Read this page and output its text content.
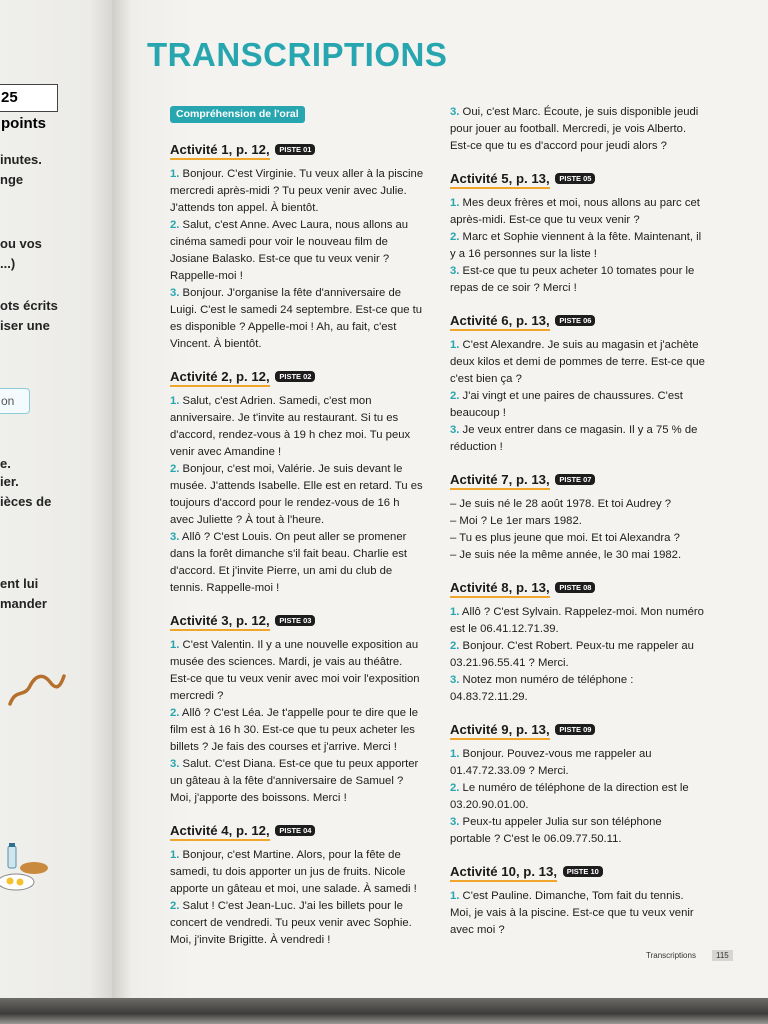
25 points
inutes.
nge
ou vos
...)
ots écrits
iser une
on
e.
ier.
ièces de
ent lui
mander
TRANSCRIPTIONS
Compréhension de l'oral
Activité 1, p. 12, PISTE 01

1. Bonjour. C'est Virginie. Tu veux aller à la piscine mercredi après-midi ? Tu peux venir avec Julie. J'attends ton appel. À bientôt.

2. Salut, c'est Anne. Avec Laura, nous allons au cinéma samedi pour voir le nouveau film de Josiane Balasko. Est-ce que tu veux venir ? Rappelle-moi !

3. Bonjour. J'organise la fête d'anniversaire de Luigi. C'est le samedi 24 septembre. Est-ce que tu es disponible ? Appelle-moi ! Ah, au fait, c'est Vincent. À bientôt.

Activité 2, p. 12, PISTE 02

1. Salut, c'est Adrien. Samedi, c'est mon anniversaire. Je t'invite au restaurant. Si tu es d'accord, rendez-vous à 19 h chez moi. Tu peux venir avec Amandine !

2. Bonjour, c'est moi, Valérie. Je suis devant le musée. J'attends Isabelle. Elle est en retard. Tu es toujours d'accord pour le rendez-vous de 16 h avec Juliette ? À tout à l'heure.

3. Allô ? C'est Louis. On peut aller se promener dans la forêt dimanche s'il fait beau. Charlie est d'accord. Et j'invite Pierre, un ami du club de tennis. Rappelle-moi !

Activité 3, p. 12, PISTE 03

1. C'est Valentin. Il y a une nouvelle exposition au musée des sciences. Mardi, je vais au théâtre. Est-ce que tu veux venir avec moi voir l'exposition mercredi ?

2. Allô ? C'est Léa. Je t'appelle pour te dire que le film est à 16 h 30. Est-ce que tu peux acheter les billets ? Je fais des courses et j'arrive. Merci !

3. Salut. C'est Diana. Est-ce que tu peux apporter un gâteau à la fête d'anniversaire de Samuel ? Moi, j'apporte des boissons. Merci !

Activité 4, p. 12, PISTE 04

1. Bonjour, c'est Martine. Alors, pour la fête de samedi, tu dois apporter un jus de fruits. Nicole apporte un gâteau et moi, une salade. À samedi !

2. Salut ! C'est Jean-Luc. J'ai les billets pour le concert de vendredi. Tu peux venir avec Sophie. Moi, j'invite Brigitte. À vendredi !

3. Oui, c'est Marc. Écoute, je suis disponible jeudi pour jouer au football. Mercredi, je vois Alberto. Est-ce que tu es d'accord pour jeudi alors ?

Activité 5, p. 13, PISTE 05

1. Mes deux frères et moi, nous allons au parc cet après-midi. Est-ce que tu veux venir ?

2. Marc et Sophie viennent à la fête. Maintenant, il y a 16 personnes sur la liste !

3. Est-ce que tu peux acheter 10 tomates pour le repas de ce soir ? Merci !

Activité 6, p. 13, PISTE 06

1. C'est Alexandre. Je suis au magasin et j'achète deux kilos et demi de pommes de terre. Est-ce que c'est bien ça ?

2. J'ai vingt et une paires de chaussures. C'est beaucoup !

3. Je veux entrer dans ce magasin. Il y a 75 % de réduction !

Activité 7, p. 13, PISTE 07

– Je suis né le 28 août 1978. Et toi Audrey ?

– Moi ? Le 1er mars 1982.

– Tu es plus jeune que moi. Et toi Alexandra ?

– Je suis née la même année, le 30 mai 1982.

Activité 8, p. 13, PISTE 08

1. Allô ? C'est Sylvain. Rappelez-moi. Mon numéro est le 06.41.12.71.39.

2. Bonjour. C'est Robert. Peux-tu me rappeler au 03.21.96.55.41 ? Merci.

3. Notez mon numéro de téléphone : 04.83.72.11.29.

Activité 9, p. 13, PISTE 09

1. Bonjour. Pouvez-vous me rappeler au 01.47.72.33.09 ? Merci.

2. Le numéro de téléphone de la direction est le 03.20.90.01.00.

3. Peux-tu appeler Julia sur son téléphone portable ? C'est le 06.09.77.50.11.

Activité 10, p. 13, PISTE 10

1. C'est Pauline. Dimanche, Tom fait du tennis. Moi, je vais à la piscine. Est-ce que tu veux venir avec moi ?

Transcriptions	115
